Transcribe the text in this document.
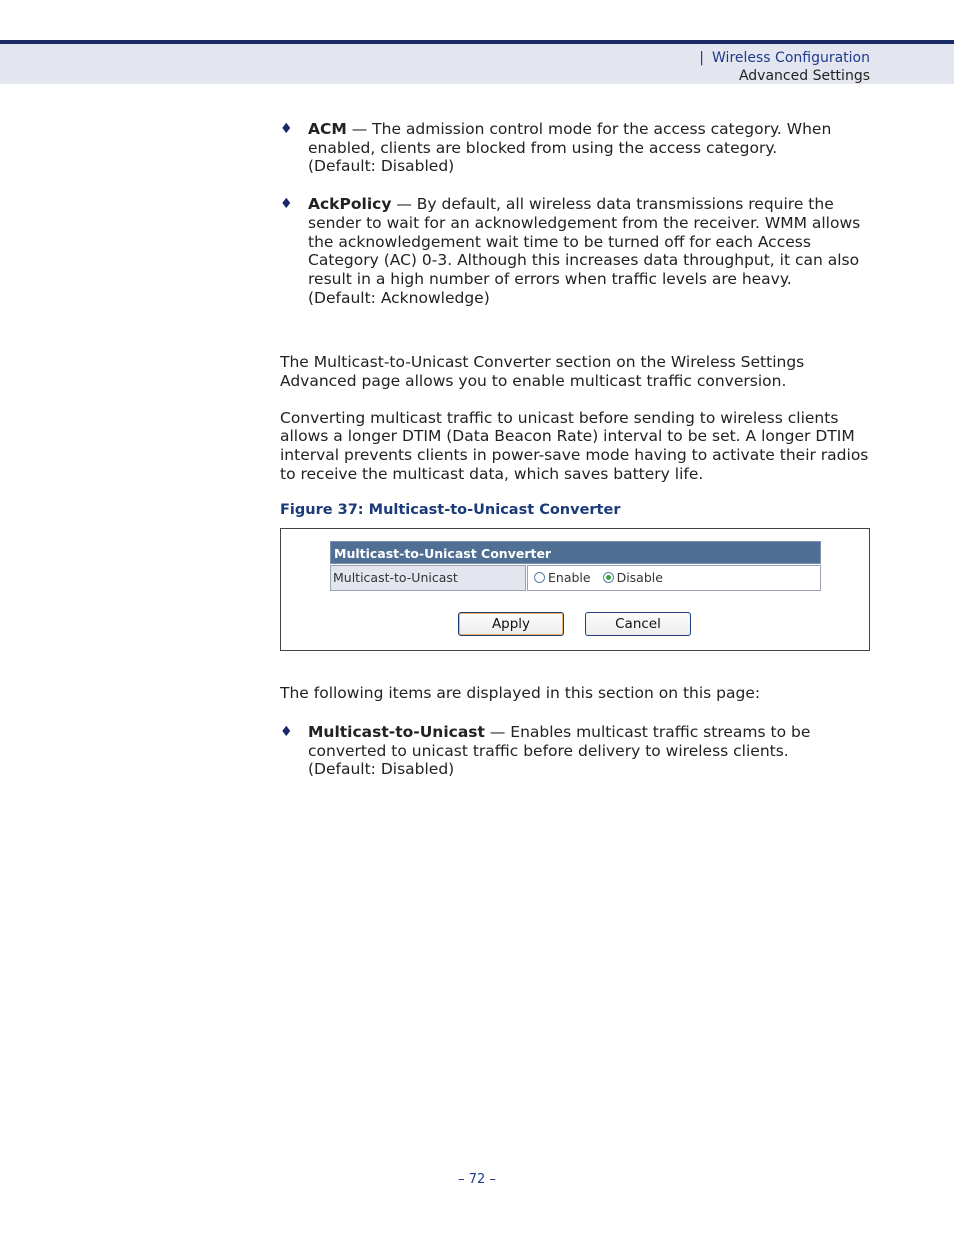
| Wireless Configuration
Advanced Settings
♦ ACM — The admission control mode for the access category. When enabled, clients are blocked from using the access category.
(Default: Disabled)
♦ AckPolicy — By default, all wireless data transmissions require the sender to wait for an acknowledgement from the receiver. WMM allows the acknowledgement wait time to be turned off for each Access Category (AC) 0-3. Although this increases data throughput, it can also result in a high number of errors when traffic levels are heavy.
(Default: Acknowledge)

The Multicast-to-Unicast Converter section on the Wireless Settings Advanced page allows you to enable multicast traffic conversion.

Converting multicast traffic to unicast before sending to wireless clients allows a longer DTIM (Data Beacon Rate) interval to be set. A longer DTIM interval prevents clients in power-save mode having to activate their radios to receive the multicast data, which saves battery life.

Figure 37: Multicast-to-Unicast Converter
Multicast-to-Unicast Converter
Multicast-to-Unicast	Enable Disable
Apply	Cancel

The following items are displayed in this section on this page:

♦ Multicast-to-Unicast — Enables multicast traffic streams to be converted to unicast traffic before delivery to wireless clients.
(Default: Disabled)
– 72 –
